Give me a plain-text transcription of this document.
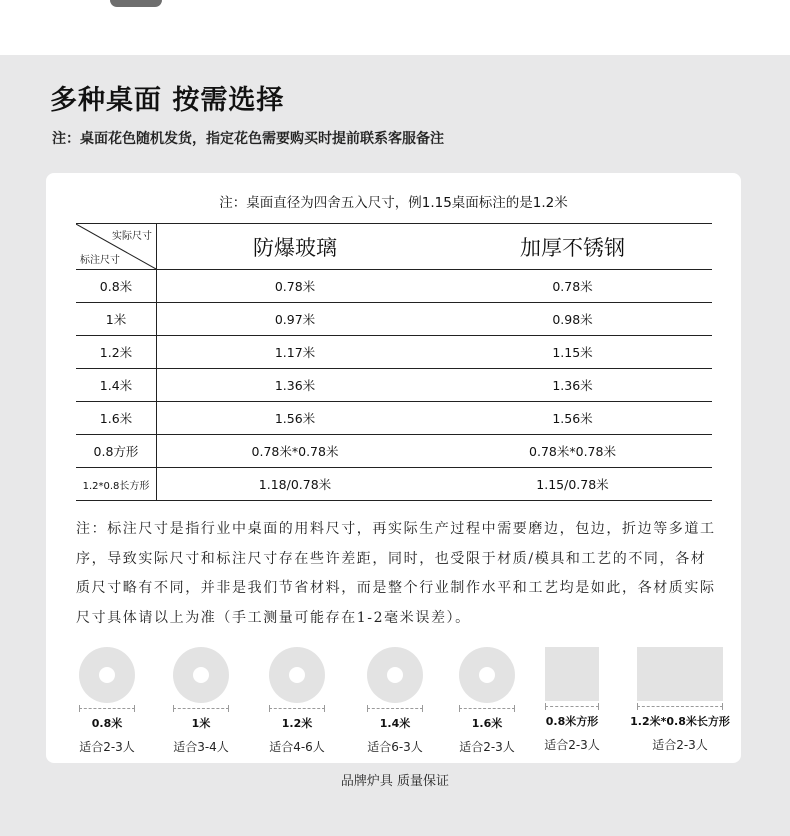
多种桌面 按需选择
注：桌面花色随机发货，指定花色需要购买时提前联系客服备注
注：桌面直径为四舍五入尺寸，例1.15桌面标注的是1.2米
实际尺寸
标注尺寸	防爆玻璃	加厚不锈钢
0.8米	0.78米	0.78米
1米	0.97米	0.98米
1.2米	1.17米	1.15米
1.4米	1.36米	1.36米
1.6米	1.56米	1.56米
0.8方形	0.78米*0.78米	0.78米*0.78米
1.2*0.8长方形	1.18/0.78米	1.15/0.78米
注：标注尺寸是指行业中桌面的用料尺寸，再实际生产过程中需要磨边，包边，折边等多道工序，导致实际尺寸和标注尺寸存在些许差距，同时，也受限于材质/模具和工艺的不同，各材质尺寸略有不同，并非是我们节省材料，而是整个行业制作水平和工艺均是如此，各材质实际尺寸具体请以上为准（手工测量可能存在1-2毫米误差）。
0.8米
适合2-3人
1米
适合3-4人
1.2米
适合4-6人
1.4米
适合6-3人
1.6米
适合2-3人
0.8米方形
适合2-3人
1.2米*0.8米长方形
适合2-3人
品牌炉具 质量保证
